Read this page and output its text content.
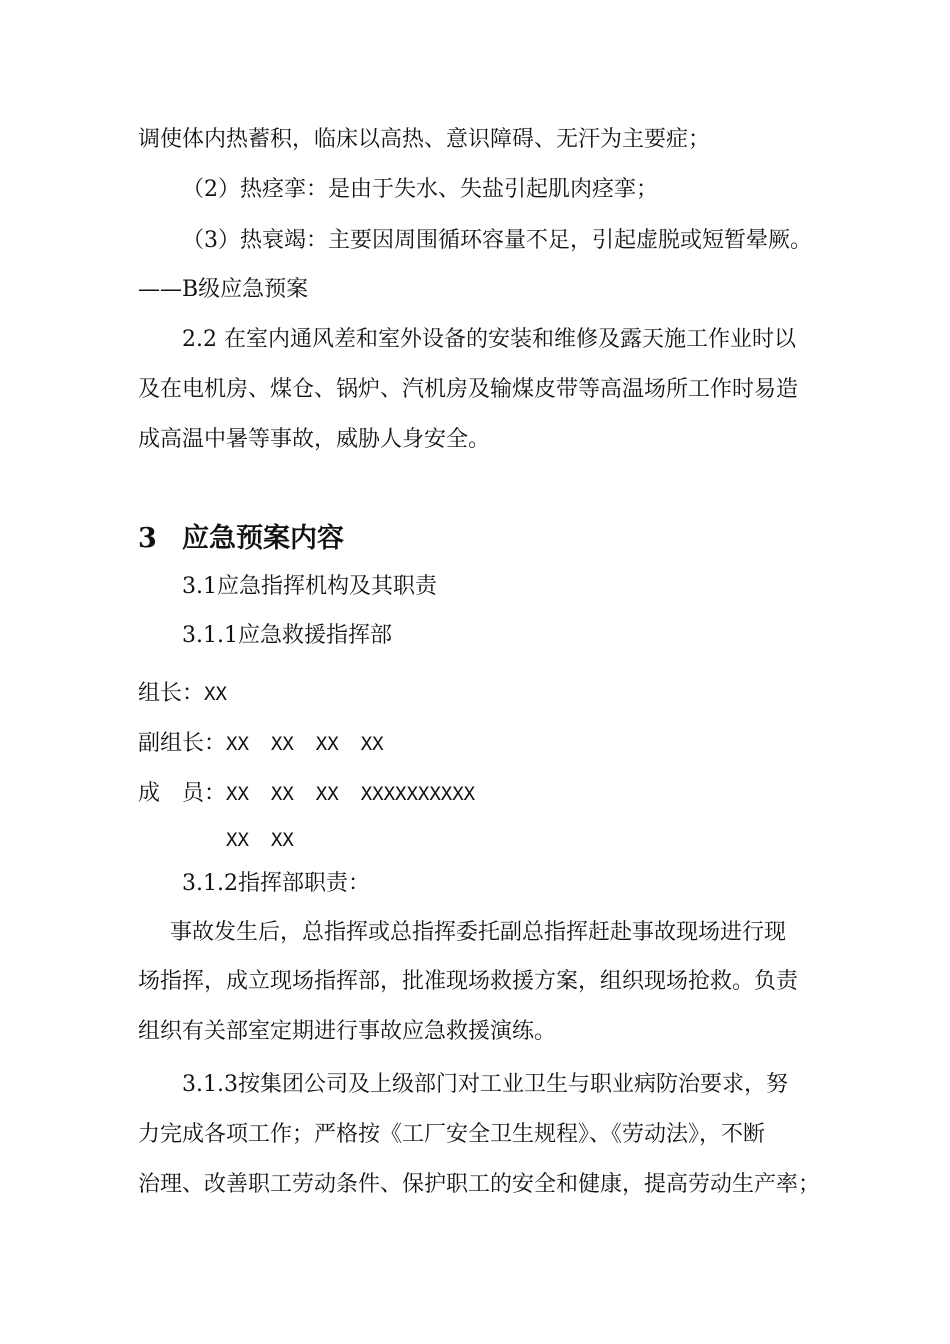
调使体内热蓄积，临床以高热、意识障碍、无汗为主要症；

（2）热痉挛：是由于失水、失盐引起肌肉痉挛；

（3）热衰竭：主要因周围循环容量不足，引起虚脱或短暂晕厥。

——B级应急预案

2.2 在室内通风差和室外设备的安装和维修及露天施工作业时以

及在电机房、煤仓、锅炉、汽机房及输煤皮带等高温场所工作时易造

成高温中暑等事故，威胁人身安全。

3 应急预案内容

3.1应急指挥机构及其职责

3.1.1应急救援指挥部

组长：XX

副组长：XX XX XX XX

成　员：XX XX XX XXXXXXXXXX

XX XX

3.1.2指挥部职责：

事故发生后，总指挥或总指挥委托副总指挥赶赴事故现场进行现

场指挥，成立现场指挥部，批准现场救援方案，组织现场抢救。负责

组织有关部室定期进行事故应急救援演练。

3.1.3按集团公司及上级部门对工业卫生与职业病防治要求，努

力完成各项工作；严格按《工厂安全卫生规程》、《劳动法》，不断

治理、改善职工劳动条件、保护职工的安全和健康，提高劳动生产率；
